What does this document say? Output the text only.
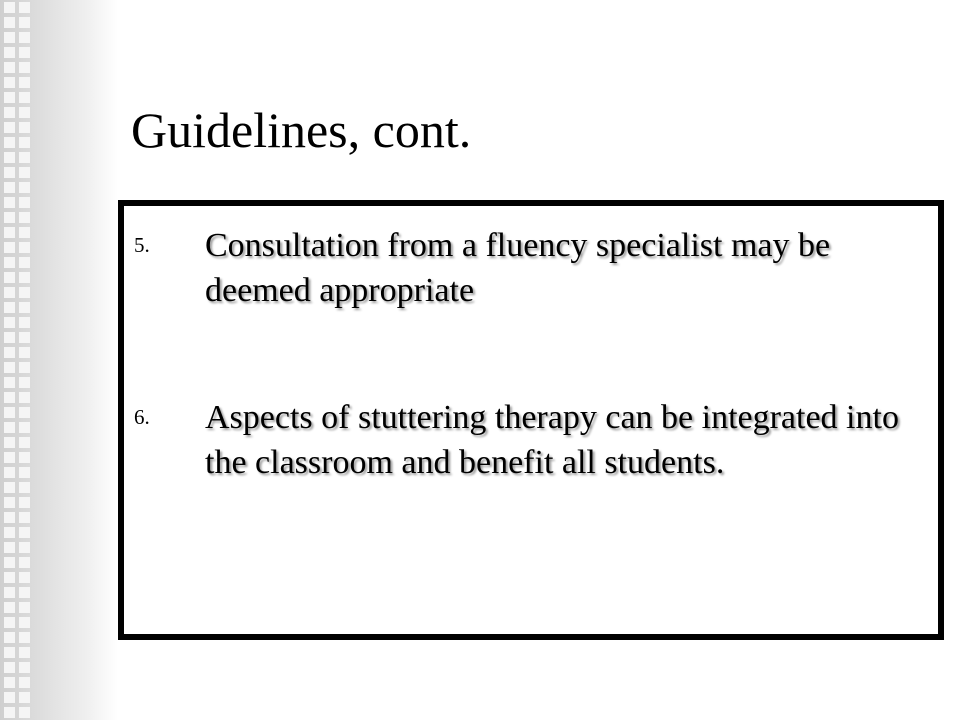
Guidelines, cont.
5. Consultation from a fluency specialist may be deemed appropriate
6. Aspects of stuttering therapy can be integrated into the classroom and benefit all students.
